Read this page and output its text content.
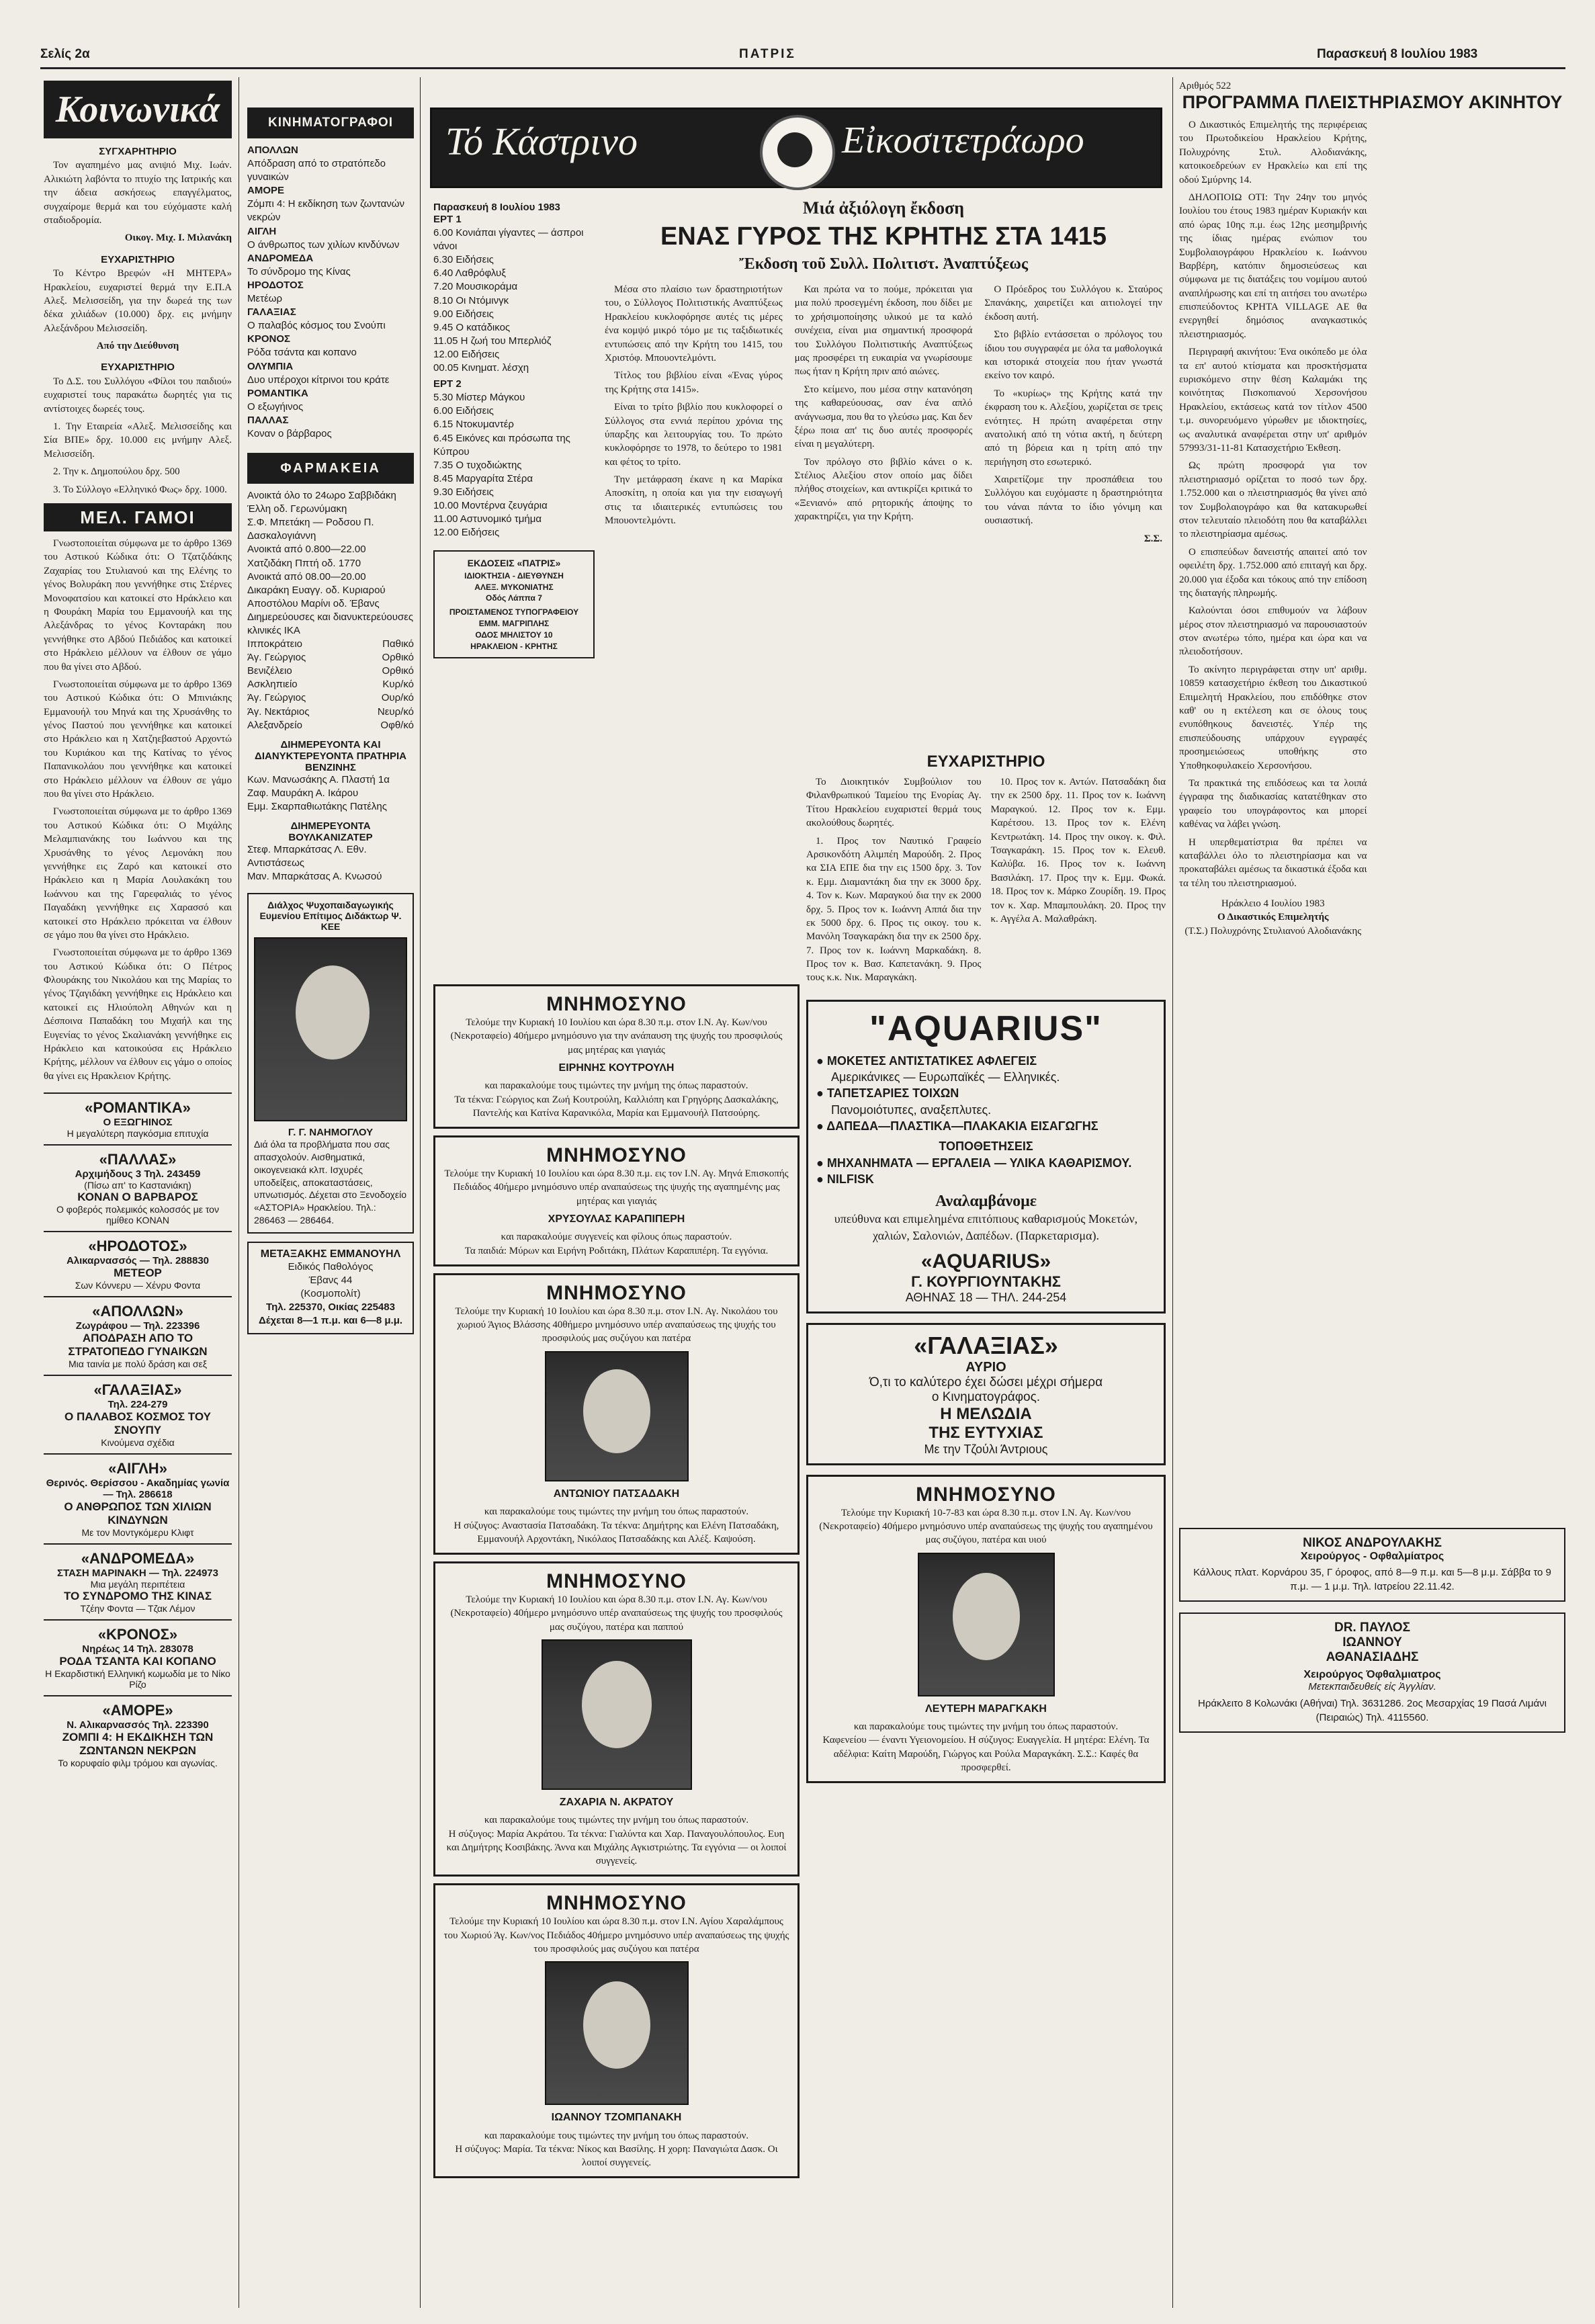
Σελίς 2α	ΠΑΤΡΙΣ	Παρασκευή 8 Ιουλίου 1983
Κοινωνικά
ΣΥΓΧΑΡΗΤΗΡΙΟ

Τον αγαπημένο μας ανιψιό Μιχ. Ιωάν. Αλικιώτη λαβόντα το πτυχίο της Ιατρικής και την άδεια ασκήσεως επαγγέλματος, συγχαίρομε θερμά και του εύχόμαστε καλή σταδιοδρομία.

Οικογ. Μιχ. Ι. Μιλανάκη
ΕΥΧΑΡΙΣΤΗΡΙΟ

Το Κέντρο Βρεφών «Η ΜΗΤΕΡΑ» Ηρακλείου, ευχαριστεί θερμά την Ε.Π.Α Αλεξ. Μελισσείδη, για την δωρεά της των δέκα χιλιάδων (10.000) δρχ. εις μνήμην Αλεξάνδρου Μελισσείδη.

Από την Διεύθυνση
ΕΥΧΑΡΙΣΤΗΡΙΟ

Το Δ.Σ. του Συλλόγου «Φίλοι του παιδιού» ευχαριστεί τους παρακάτω δωρητές για τις αντίστοιχες δωρεές τους.

1. Την Εταιρεία «Αλεξ. Μελισσείδης και Σία ΒΠΕ» δρχ. 10.000 εις μνήμην Αλεξ. Μελισσείδη.

2. Την κ. Δημοπούλου δρχ. 500

3. Το Σύλλογο «Ελληνικό Φως» δρχ. 1000.

ΜΕΛ. ΓΑΜΟΙ

Γνωστοποιείται σύμφωνα με το άρθρο 1369 του Αστικού Κώδικα ότι: Ο Τζατζιδάκης Ζαχαρίας του Στυλιανού και της Ελένης το γένος Βολυράκη που γεννήθηκε στις Στέρνες Μονοφατσίου και κατοικεί στο Ηράκλειο και η Φουράκη Μαρία του Εμμανουήλ και της Αλεξάνδρας το γένος Κονταράκη που γεννήθηκε στο Αβδού Πεδιάδος και κατοικεί στο Ηράκλειο μέλλουν να έλθουν σε γάμο που θα γίνει στο Αβδού.

Γνωστοποιείται σύμφωνα με το άρθρο 1369 του Αστικού Κώδικα ότι: Ο Μπινιάκης Εμμανουήλ του Μηνά και της Χρυσάνθης το γένος Παστού που γεννήθηκε και κατοικεί στο Ηράκλειο και η Χατζηεβαστού Αρχοντώ του Κυριάκου και της Κατίνας το γένος Παπανικολάου που γεννήθηκε και κατοικεί στο Ηράκλειο μέλλουν να έλθουν σε γάμο που θα γίνει στο Ηράκλειο.

Γνωστοποιείται σύμφωνα με το άρθρο 1369 του Αστικού Κώδικα ότι: Ο Μιχάλης Μελαμπιανάκης του Ιωάννου και της Χρυσάνθης το γένος Λεμονάκη που γεννήθηκε εις Ζαρό και κατοικεί στο Ηράκλειο και η Μαρία Λουλακάκη του Ιωάννου και της Γαρεφαλιάς το γένος Παγαδάκη γεννήθηκε εις Χαρασσό και κατοικεί στο Ηράκλειο πρόκειται να έλθουν σε γάμο που θα γίνει στο Ηράκλειο.

Γνωστοποιείται σύμφωνα με το άρθρο 1369 του Αστικού Κώδικα ότι: Ο Πέτρος Φλουράκης του Νικολάου και της Μαρίας το γένος Τζαγιδάκη γεννήθηκε εις Ηράκλειο και κατοικεί εις Ηλιούπολη Αθηνών και η Δέσποινα Παπαδάκη του Μιχαήλ και της Ευγενίας το γένος Σκαλιανάκη γεννήθηκε εις Ηράκλειο και κατοικούσα εις Ηράκλειο Κρήτης, μέλλουν να έλθουν εις γάμο ο οποίος θα γίνει εις Ηρακλειον Κρήτης.

«ΡΟΜΑΝΤΙΚΑ»
Ο ΕΞΩΓΗΙΝΟΣ
Η μεγαλύτερη παγκόσμια επιτυχία
«ΠΑΛΛΑΣ»
Αρχιμήδους 3 Τηλ. 243459
(Πίσω απ' το Καστανιάκη)
ΚΟΝΑΝ Ο ΒΑΡΒΑΡΟΣ
Ο φοβερός πολεμικός κολοσσός με τον ημίθεο ΚΟΝΑΝ
«ΗΡΟΔΟΤΟΣ»
Αλικαρνασσός — Τηλ. 288830
ΜΕΤΕΟΡ
Σων Κόννερυ — Χένρυ Φοντα
«ΑΠΟΛΛΩΝ»
Ζωγράφου — Τηλ. 223396
ΑΠΟΔΡΑΣΗ ΑΠΟ ΤΟ ΣΤΡΑΤΟΠΕΔΟ ΓΥΝΑΙΚΩΝ
Μια ταινία με πολύ δράση και σεξ
«ΓΑΛΑΞΙΑΣ»
Τηλ. 224-279
Ο ΠΑΛΑΒΟΣ ΚΟΣΜΟΣ ΤΟΥ ΣΝΟΥΠΥ
Κινούμενα σχέδια
«ΑΙΓΛΗ»
Θερινός. Θερίσσου - Ακαδημίας γωνία — Τηλ. 286618
Ο ΑΝΘΡΩΠΟΣ ΤΩΝ ΧΙΛΙΩΝ ΚΙΝΔΥΝΩΝ
Με τον Μοντγκόμερυ Κλιφτ
«ΑΝΔΡΟΜΕΔΑ»
ΣΤΑΣΗ ΜΑΡΙΝΑΚΗ — Τηλ. 224973
Μια μεγάλη περιπέτεια
ΤΟ ΣΥΝΔΡΟΜΟ ΤΗΣ ΚΙΝΑΣ
Τζέην Φοντα — Τζακ Λέμον
«ΚΡΟΝΟΣ»
Νηρέως 14 Τηλ. 283078
ΡΟΔΑ ΤΣΑΝΤΑ ΚΑΙ ΚΟΠΑΝΟ
Η Εκαρδιστική Ελληνική κωμωδία με το Νίκο Ρίζο
«ΑΜΟΡΕ»
Ν. Αλικαρνασσός Τηλ. 223390
ΖΟΜΠΙ 4: Η ΕΚΔΙΚΗΣΗ ΤΩΝ ΖΩΝΤΑΝΩΝ ΝΕΚΡΩΝ
Το κορυφαίο φιλμ τρόμου και αγωνίας.
ΚΙΝΗΜΑΤΟΓΡΑΦΟΙ
ΑΠΟΛΛΩΝ
Απόδραση από το στρατόπεδο γυναικών
ΑΜΟΡΕ
Ζόμπι 4: Η εκδίκηση των ζωντανών νεκρών
ΑΙΓΛΗ
Ο άνθρωπος των χιλίων κινδύνων
ΑΝΔΡΟΜΕΔΑ
Το σύνδρομο της Κίνας
ΗΡΟΔΟΤΟΣ
Μετέωρ
ΓΑΛΑΞΙΑΣ
Ο παλαβός κόσμος του Σνούπι
ΚΡΟΝΟΣ
Ρόδα τσάντα και κοπανο
ΟΛΥΜΠΙΑ
Δυο υπέροχοι κίτρινοι του κράτε
ΡΟΜΑΝΤΙΚΑ
Ο εξωγήινος
ΠΑΛΛΑΣ
Κοναν ο βάρβαρος
ΦΑΡΜΑΚΕΙΑ
Ανοικτά όλο το 24ωρο Σαββιδάκη Έλλη οδ. Γερωνύμακη
Σ.Φ. Μπετάκη — Ροδσου Π. Δασκαλογιάννη
Ανοικτά από 0.800—22.00
Χατζιδάκη Ππτή οδ. 1770
Ανοικτά από 08.00—20.00
Δικαράκη Ευαγγ. οδ. Κυριαρού Αποστόλου Μαρίνι οδ. Έβανς
Διημερεύουσες και διανυκτερεύουσες κλινικές ΙΚΑ
Ιπποκράτειο	Παθικό
Άγ. Γεώργιος	Ορθικό
Βενιζέλειο	Ορθικό
Ασκληπιείο	Κυρ/κό
Άγ. Γεώργιος	Ουρ/κό
Άγ. Νεκτάριος	Νευρ/κό
Αλεξανδρείο	Οφθ/κό
ΔΙΗΜΕΡΕΥΟΝΤΑ ΚΑΙ ΔΙΑΝΥΚΤΕΡΕΥΟΝΤΑ ΠΡΑΤΗΡΙΑ ΒΕΝΖΙΝΗΣ
Κων. Μανωσάκης Α. Πλαστή 1α
Ζαφ. Μαυράκη Α. Ικάρου
Εμμ. Σκαρπαθιωτάκης Πατέλης
ΔΙΗΜΕΡΕΥΟΝΤΑ ΒΟΥΛΚΑΝΙΖΑΤΕΡ
Στεφ. Μπαρκάτσας Λ. Εθν. Αντιστάσεως
Μαν. Μπαρκάτσας Α. Κνωσού
Διάλχος Ψυχοπαιδαγωγικής Ευμενίου Επίτιμος Διδάκτωρ Ψ. ΚΕΕ
Γ. Γ. ΝΑΗΜΟΓΛΟΥ
Διά όλα τα προβλήματα που σας απασχολούν. Αισθηματικά, οικογενειακά κλπ. Ισχυρές υποδείξεις, αποκαταστάσεις, υπνωτισμός. Δέχεται στο Ξενοδοχείο «ΑΣΤΟΡΙΑ» Ηρακλείου. Τηλ.: 286463 — 286464.
ΜΕΤΑΞΑΚΗΣ ΕΜΜΑΝΟΥΗΛ
Ειδικός Παθολόγος
Έβανς 44
(Κοσμοπολίτ)
Τηλ. 225370, Οικίας 225483
Δέχεται 8—1 π.μ. και 6—8 μ.μ.
Τό Κάστρινο	Εἰκοσιτετράωρο
Παρασκευή 8 Ιουλίου 1983
ΕΡΤ 1
6.00 Κονιάπαι γίγαντες — άσπροι νάνοι
6.30 Ειδήσεις
6.40 Λαθρόφλυξ
7.20 Μουσικοράμα
8.10 Οι Ντόμινγκ
9.00 Ειδήσεις
9.45 Ο κατάδικος
11.05 Η ζωή του Μπερλιόζ
12.00 Ειδήσεις
00.05 Κινηματ. λέσχη
ΕΡΤ 2
5.30 Μίστερ Μάγκου
6.00 Ειδήσεις
6.15 Ντοκυμαντέρ
6.45 Εικόνες και πρόσωπα της Κύπρου
7.35 Ο τυχοδιώκτης
8.45 Μαργαρίτα Στέρα
9.30 Ειδήσεις
10.00 Μοντέρνα ζευγάρια
11.00 Αστυνομικό τμήμα
12.00 Ειδήσεις
ΕΚΔΟΣΕΙΣ «ΠΑΤΡΙΣ»
ΙΔΙΟΚΤΗΣΙΑ - ΔΙΕΥΘΥΝΣΗ
ΑΛΕΞ. ΜΥΚΟΝΙΑΤΗΣ
Οδός Λάππα 7
ΠΡΟΙΣΤΑΜΕΝΟΣ ΤΥΠΟΓΡΑΦΕΙΟΥ
ΕΜΜ. ΜΑΓΡΙΠΛΗΣ
ΟΔΟΣ ΜΗΛΙΣΤΟΥ 10
ΗΡΑΚΛΕΙΟΝ - ΚΡΗΤΗΣ
Μιά ἀξιόλογη ἔκδοση
ΕΝΑΣ ΓΥΡΟΣ ΤΗΣ ΚΡΗΤΗΣ ΣΤΑ 1415
Ἔκδοση τοῦ Συλλ. Πολιτιστ. Ἀναπτύξεως

Μέσα στο πλαίσιο των δραστηριοτήτων του, ο Σύλλογος Πολιτιστικής Αναπτύξεως Ηρακλείου κυκλοφόρησε αυτές τις μέρες ένα κομψό μικρό τόμο με τις ταξιδιωτικές εντυπώσεις από την Κρήτη του 1415, του Χριστόφ. Μπουοντελμόντι.

Τίτλος του βιβλίου είναι «Ένας γύρος της Κρήτης στα 1415».

Είναι το τρίτο βιβλίο που κυκλοφορεί ο Σύλλογος στα εννιά περίπου χρόνια της ύπαρξης και λειτουργίας του. Το πρώτο κυκλοφόρησε το 1978, το δεύτερο το 1981 και φέτος το τρίτο.

Την μετάφραση έκανε η κα Μαρίκα Αποσκίτη, η οποία και για την εισαγωγή στις τα ιδιαιτερικές εντυπώσεις του Μπουοντελμόντι.

Και πρώτα να το πούμε, πρόκειται για μια πολύ προσεγμένη έκδοση, που δίδει με το χρήσιμοποίησης υλικού με τα καλό συνέχεια, είναι μια σημαντική προσφορά του Συλλόγου Πολιτιστικής Αναπτύξεως μας προσφέρει τη ευκαιρία να γνωρίσουμε πως ήταν η Κρήτη πριν από αιώνες.

Στο κείμενο, που μέσα στην κατανόηση της καθαρεύουσας, σαν ένα απλό ανάγνωσμα, που θα το γλεύσω μας. Και δεν ξέρω ποια απ' τις δυο αυτές προσφορές είναι η μεγαλύτερη.

Τον πρόλογο στο βιβλίο κάνει ο κ. Στέλιος Αλεξίου στον οποίο μας δίδει πλήθος στοιχείων, και αντικρίζει κριτικά το «Ξενιανό» από ρητορικής άποψης το χαρακτηρίζει, για την Κρήτη.

Ο Πρόεδρος του Συλλόγου κ. Σταύρος Σπανάκης, χαιρετίζει και αιτιολογεί την έκδοση αυτή.

Στο βιβλίο εντάσσεται ο πρόλογος του ίδιου του συγγραφέα με όλα τα μαθολογικά και ιστορικά στοιχεία που ήταν γνωστά εκείνο τον καιρό.

Το «κυρίως» της Κρήτης κατά την έκφραση του κ. Αλεξίου, χωρίζεται σε τρεις ενότητες. Η πρώτη αναφέρεται στην ανατολική από τη νότια ακτή, η δεύτερη από τη βόρεια και η τρίτη από την περιήγηση στο εσωτερικό.

Χαιρετίζομε την προσπάθεια του Συλλόγου και ευχόμαστε η δραστηριότητα του νάναι πάντα το ίδιο γόνιμη και ουσιαστική.

Σ.Σ.
ΜΝΗΜΟΣΥΝΟ
Τελούμε την Κυριακή 10 Ιουλίου και ώρα 8.30 π.μ. στον Ι.Ν. Αγ. Κων/νου (Νεκροταφείο) 40ήμερο μνημόσυνο για την ανάπαυση της ψυχής του προσφιλούς μας μητέρας και γιαγιάς
ΕΙΡΗΝΗΣ ΚΟΥΤΡΟΥΛΗ
και παρακαλούμε τους τιμώντες την μνήμη της όπως παραστούν.
Τα τέκνα: Γεώργιος και Ζωή Κουτρούλη, Καλλιόπη και Γρηγόρης Δασκαλάκης, Παντελής και Κατίνα Καρανικόλα, Μαρία και Εμμανουήλ Πατσούρης.
ΜΝΗΜΟΣΥΝΟ
Τελούμε την Κυριακή 10 Ιουλίου και ώρα 8.30 π.μ. εις τον Ι.Ν. Αγ. Μηνά Επισκοπής Πεδιάδος 40ήμερο μνημόσυνο υπέρ αναπαύσεως της ψυχής της αγαπημένης μας μητέρας και γιαγιάς
ΧΡΥΣΟΥΛΑΣ ΚΑΡΑΠΙΠΕΡΗ
και παρακαλούμε συγγενείς και φίλους όπως παραστούν.
Τα παιδιά: Μύρων και Ειρήνη Ροδιτάκη, Πλάτων Καραπιπέρη. Τα εγγόνια.
ΜΝΗΜΟΣΥΝΟ
Τελούμε την Κυριακή 10 Ιουλίου και ώρα 8.30 π.μ. στον Ι.Ν. Αγ. Νικολάου του χωριού Άγιος Βλάσσης 40θήμερο μνημόσυνο υπέρ αναπαύσεως της ψυχής του προσφιλούς μας συζύγου και πατέρα
ΑΝΤΩΝΙΟΥ ΠΑΤΣΑΔΑΚΗ
και παρακαλούμε τους τιμώντες την μνήμη του όπως παραστούν.
Η σύζυγος: Αναστασία Πατσαδάκη. Τα τέκνα: Δημήτρης και Ελένη Πατσαδάκη, Εμμανουήλ Αρχοντάκη, Νικόλαος Πατσαδάκης και Αλέξ. Καψούση.
ΜΝΗΜΟΣΥΝΟ
Τελούμε την Κυριακή 10 Ιουλίου και ώρα 8.30 π.μ. στον Ι.Ν. Αγ. Κων/νου (Νεκροταφείο) 40ήμερο μνημόσυνο υπέρ αναπαύσεως της ψυχής του προσφιλούς μας συζύγου, πατέρα και παππού
ΖΑΧΑΡΙΑ Ν. ΑΚΡΑΤΟΥ
και παρακαλούμε τους τιμώντες την μνήμη του όπως παραστούν.
Η σύζυγος: Μαρία Ακράτου. Τα τέκνα: Γιαλύντα και Χαρ. Παναγουλόπουλος. Ευη και Δημήτρης Κοσιβάκης. Άννα και Μιχάλης Αγκιστριώτης. Τα εγγόνια — οι λοιποί συγγενείς.
ΜΝΗΜΟΣΥΝΟ
Τελούμε την Κυριακή 10 Ιουλίου και ώρα 8.30 π.μ. στον Ι.Ν. Αγίου Χαραλάμπους του Χωριού Άγ. Κων/νος Πεδιάδος 40ήμερο μνημόσυνο υπέρ αναπαύσεως της ψυχής του προσφιλούς μας συζύγου και πατέρα
ΙΩΑΝΝΟΥ ΤΖΟΜΠΑΝΑΚΗ
και παρακαλούμε τους τιμώντες την μνήμη του όπως παραστούν.
Η σύζυγος: Μαρία. Τα τέκνα: Νίκος και Βασίλης. Η χορη: Παναγιώτα Δασκ. Οι λοιποί συγγενείς.
ΕΥΧΑΡΙΣΤΗΡΙΟ

Το Διοικητικόν Συμβούλιον του Φιλανθρωπικού Ταμείου της Ενορίας Αγ. Τίτου Ηρακλείου ευχαριστεί θερμά τους ακολούθους δωρητές.

1. Προς τον Ναυτικό Γραφείο Αρσικονδότη Αλιμπέη Μαρούδη. 2. Προς κα ΣΙΑ ΕΠΕ δια την εις 1500 δρχ. 3. Τον κ. Εμμ. Διαμαντάκη δια την εκ 3000 δρχ. 4. Τον κ. Κων. Μαραγκού δια την εκ 2000 δρχ. 5. Προς τον κ. Ιωάννη Αππά δια την εκ 5000 δρχ. 6. Προς τις οικογ. του κ. Μανόλη Τσαγκαράκη δια την εκ 2500 δρχ. 7. Προς τον κ. Ιωάννη Μαρκαδάκη. 8. Προς τον κ. Βασ. Καπετανάκη. 9. Προς τους κ.κ. Νικ. Μαραγκάκη.

10. Προς τον κ. Αντών. Πατσαδάκη δια την εκ 2500 δρχ. 11. Προς τον κ. Ιωάννη Μαραγκού. 12. Προς τον κ. Εμμ. Καρέτσου. 13. Προς τον κ. Ελένη Κεντρωτάκη. 14. Προς την οικογ. κ. Φιλ. Τσαγκαράκη. 15. Προς τον κ. Ελευθ. Καλύβα. 16. Προς τον κ. Ιωάννη Βασιλάκη. 17. Προς την κ. Εμμ. Φωκά. 18. Προς τον κ. Μάρκο Ζουρίδη. 19. Προς τον κ. Χαρ. Μπαμπουλάκη. 20. Προς την κ. Αγγέλα Α. Μαλαθράκη.

"AQUARIUS"
● ΜΟΚΕΤΕΣ ΑΝΤΙΣΤΑΤΙΚΕΣ ΑΦΛΕΓΕΙΣ
Αμερικάνικες — Ευρωπαϊκές — Ελληνικές.
● ΤΑΠΕΤΣΑΡΙΕΣ ΤΟΙΧΩΝ
Πανομοιότυπες, αναξεπλυτες.
● ΔΑΠΕΔΑ—ΠΛΑΣΤΙΚΑ—ΠΛΑΚΑΚΙΑ ΕΙΣΑΓΩΓΗΣ
ΤΟΠΟΘΕΤΗΣΕΙΣ
● ΜΗΧΑΝΗΜΑΤΑ — ΕΡΓΑΛΕΙΑ — ΥΛΙΚΑ ΚΑΘΑΡΙΣΜΟΥ.
● NILFISK
Αναλαμβάνομε
υπεύθυνα και επιμελημένα επιτόπιους καθαρισμούς Μοκετών, χαλιών, Σαλονιών, Δαπέδων. (Παρκεταρισμα).
«AQUARIUS»
Γ. ΚΟΥΡΓΙΟΥΝΤΑΚΗΣ
ΑΘΗΝΑΣ 18 — ΤΗΛ. 244-254
«ΓΑΛΑΞΙΑΣ»
ΑΥΡΙΟ
Ό,τι το καλύτερο έχει δώσει μέχρι σήμερα
ο Κινηματογράφος.
Η ΜΕΛΩΔΙΑ
ΤΗΣ ΕΥΤΥΧΙΑΣ
Με την Τζούλι Άντριους
ΜΝΗΜΟΣΥΝΟ
Τελούμε την Κυριακή 10-7-83 και ώρα 8.30 π.μ. στον Ι.Ν. Αγ. Κων/νου (Νεκροταφείο) 40ήμερο μνημόσυνο υπέρ αναπαύσεως της ψυχής του αγαπημένου μας συζύγου, πατέρα και υιού
ΛΕΥΤΕΡΗ ΜΑΡΑΓΚΑΚΗ
και παρακαλούμε τους τιμώντες την μνήμη του όπως παραστούν.
Καφενείου — έναντι Υγειονομείου. Η σύζυγος: Ευαγγελία. Η μητέρα: Ελένη. Τα αδέλφια: Καίτη Μαρούδη, Γιώργος και Ρούλα Μαραγκάκη. Σ.Σ.: Καφές θα προσφερθεί.
Αριθμός 522
ΠΡΟΓΡΑΜΜΑ ΠΛΕΙΣΤΗΡΙΑΣΜΟΥ ΑΚΙΝΗΤΟΥ

Ο Δικαστικός Επιμελητής της περιφέρειας του Πρωτοδικείου Ηρακλείου Κρήτης, Πολυχρόνης Στυλ. Αλοδιανάκης, κατοικοεδρεύων εν Ηρακλείω και επί της οδού Σμύρνης 14.

ΔΗΛΟΠΟΙΩ ΟΤΙ: Την 24ην του μηνός Ιουλίου του έτους 1983 ημέραν Κυριακήν και από ώρας 10ης π.μ. έως 12ης μεσημβρινής της ίδιας ημέρας ενώπιον του Συμβολαιογράφου Ηρακλείου κ. Ιωάννου Βαρβέρη, κατόπιν δημοσιεύσεως και σύμφωνα με τις διατάξεις του νομίμου αυτού αναπλήρωσης και επί τη αιτήσει του ανωτέρω επισπεύδοντος ΚΡΗΤΑ VILLAGE ΑΕ θα ενεργηθεί δημόσιος αναγκαστικός πλειστηριασμός.

Περιγραφή ακινήτου: Ένα οικόπεδο με όλα τα επ' αυτού κτίσματα και προσκτήσματα ευρισκόμενο στην θέση Καλαμάκι της κοινότητας Πισκοπιανού Χερσονήσου Ηρακλείου, εκτάσεως κατά τον τίτλον 4500 τ.μ. συνορευόμενο γύρωθεν με ιδιοκτησίες, ως αναλυτικά αναφέρεται στην υπ' αριθμόν 57993/31-11-81 Κατασχετήριο Έκθεση.

Ως πρώτη προσφορά για τον πλειστηριασμό ορίζεται το ποσό των δρχ. 1.752.000 και ο πλειστηριασμός θα γίνει από τον Συμβολαιογράφο και θα κατακυρωθεί στον τελευταίο πλειοδότη που θα καταβάλλει το πλειστηρίασμα αμέσως.

Ο επισπεύδων δανειστής απαιτεί από τον οφειλέτη δρχ. 1.752.000 από επιταγή και δρχ. 20.000 για έξοδα και τόκους από την επίδοση της διαταγής πληρωμής.

Καλούνται όσοι επιθυμούν να λάβουν μέρος στον πλειστηριασμό να παρουσιαστούν στον ανωτέρω τόπο, ημέρα και ώρα και να πλειοδοτήσουν.

Το ακίνητο περιγράφεται στην υπ' αριθμ. 10859 κατασχετήριο έκθεση του Δικαστικού Επιμελητή Ηρακλείου, που επιδόθηκε στον καθ' ου η εκτέλεση και σε όλους τους ενυπόθηκους δανειστές. Υπέρ της επισπεύδουσης υπάρχουν εγγραφές προσημειώσεως υποθήκης στο Υποθηκοφυλακείο Χερσονήσου.

Τα πρακτικά της επιδόσεως και τα λοιπά έγγραφα της διαδικασίας κατατέθηκαν στο γραφείο του υπογράφοντος και μπορεί καθένας να λάβει γνώση.

Η υπερθεματίστρια θα πρέπει να καταβάλλει όλο το πλειστηρίασμα και να προκαταβάλει αμέσως τα δικαστικά έξοδα και τα τέλη του πλειστηριασμού.

Ηράκλειο 4 Ιουλίου 1983
Ο Δικαστικός Επιμελητής
(Τ.Σ.) Πολυχρόνης Στυλιανού Αλοδιανάκης
ΝΙΚΟΣ ΑΝΔΡΟΥΛΑΚΗΣ
Χειρούργος - Οφθαλμίατρος
Κάλλους πλατ. Κορνάρου 35, Γ όροφος, από 8—9 π.μ. και 5—8 μ.μ. Σάββα το 9 π.μ. — 1 μ.μ. Τηλ. Ιατρείου 22.11.42.
DR. ΠΑΥΛΟΣ
ΙΩΑΝΝΟΥ
ΑΘΑΝΑΣΙΑΔΗΣ
Χειρούργος Όφθαλμιατρος
Μετεκπαιδευθείς εἰς Ἀγγλίαν.
Ηράκλειτο 8 Κολωνάκι (Αθήναι) Τηλ. 3631286. 2ος Μεσαρχίας 19 Πασά Λιμάνι (Πειραιώς) Τηλ. 4115560.
